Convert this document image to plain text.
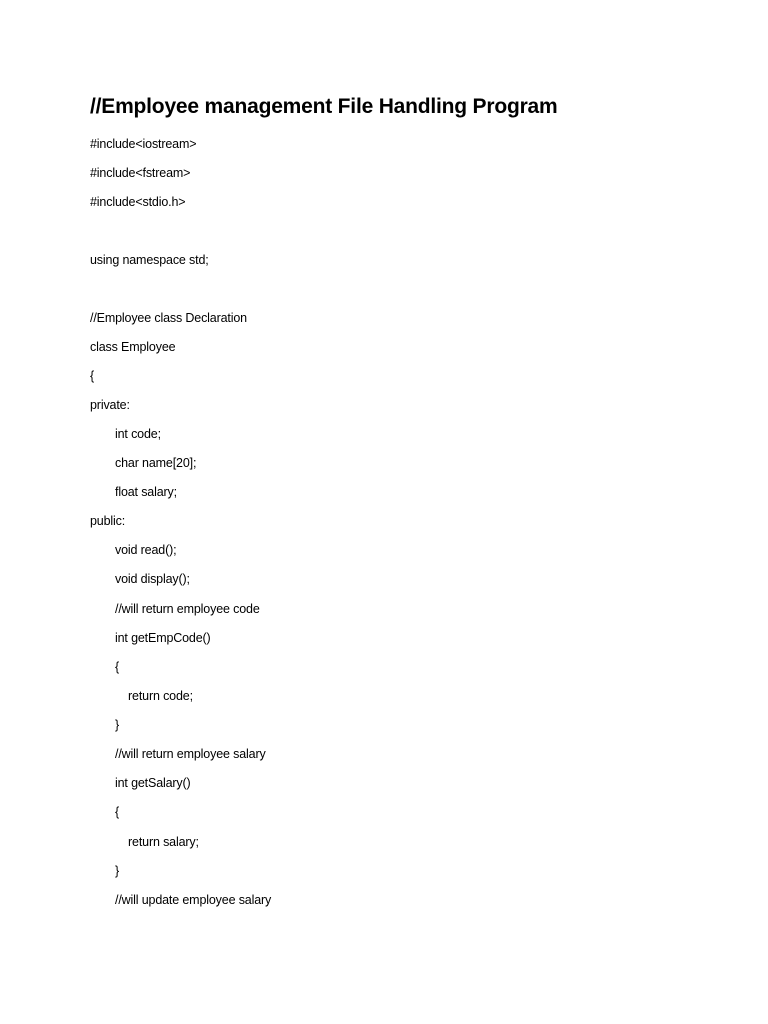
//Employee management File Handling Program
#include<iostream>
#include<fstream>
#include<stdio.h>
using namespace std;
//Employee class Declaration
class Employee
{
private:
int code;
char name[20];
float salary;
public:
void read();
void display();
//will return employee code
int getEmpCode()
{
return code;
}
//will return employee salary
int getSalary()
{
return salary;
}
//will update employee salary
